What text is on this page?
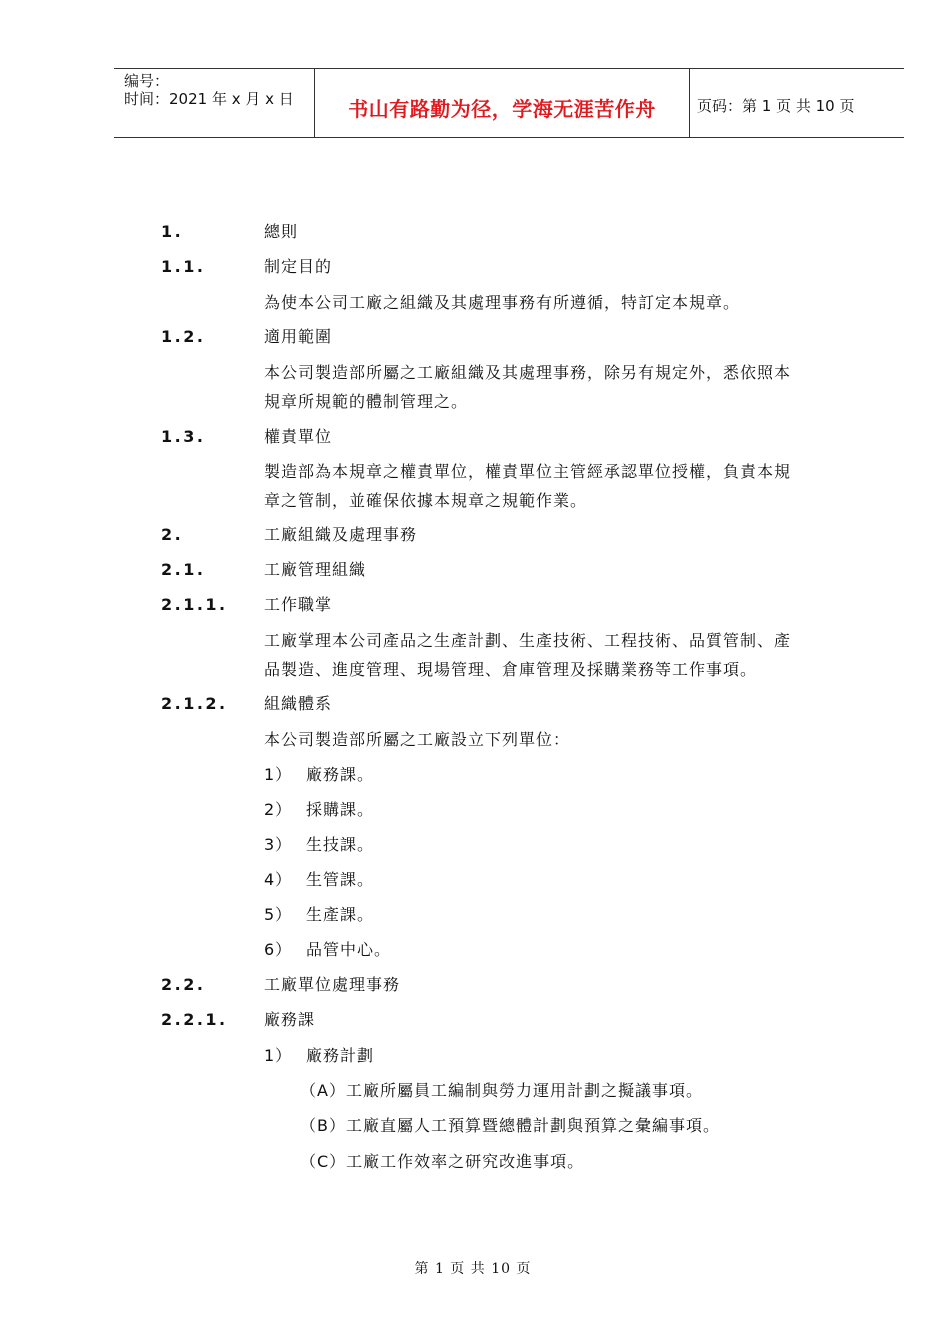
编号：
时间：2021 年 x 月 x 日	书山有路勤为径，学海无涯苦作舟	页码：第 1 页 共 10 页
1.	總則
1.1.	制定目的
為使本公司工廠之組織及其處理事務有所遵循，特訂定本規章。
1.2.	適用範圍
本公司製造部所屬之工廠組織及其處理事務，除另有規定外，悉依照本
規章所規範的體制管理之。
1.3.	權責單位
製造部為本規章之權責單位，權責單位主管經承認單位授權，負責本規
章之管制，並確保依據本規章之規範作業。
2.	工廠組織及處理事務
2.1.	工廠管理組織
2.1.1. 工作職掌
工廠掌理本公司產品之生產計劃、生產技術、工程技術、品質管制、產
品製造、進度管理、現場管理、倉庫管理及採購業務等工作事項。
2.1.2. 組織體系
本公司製造部所屬之工廠設立下列單位：
1） 廠務課。
2） 採購課。
3） 生技課。
4） 生管課。
5） 生產課。
6） 品管中心。
2.2.	工廠單位處理事務
2.2.1. 廠務課
1） 廠務計劃
（A）工廠所屬員工編制與勞力運用計劃之擬議事項。
（B）工廠直屬人工預算暨總體計劃與預算之彙編事項。
（C）工廠工作效率之研究改進事項。
第 1 页 共 10 页
